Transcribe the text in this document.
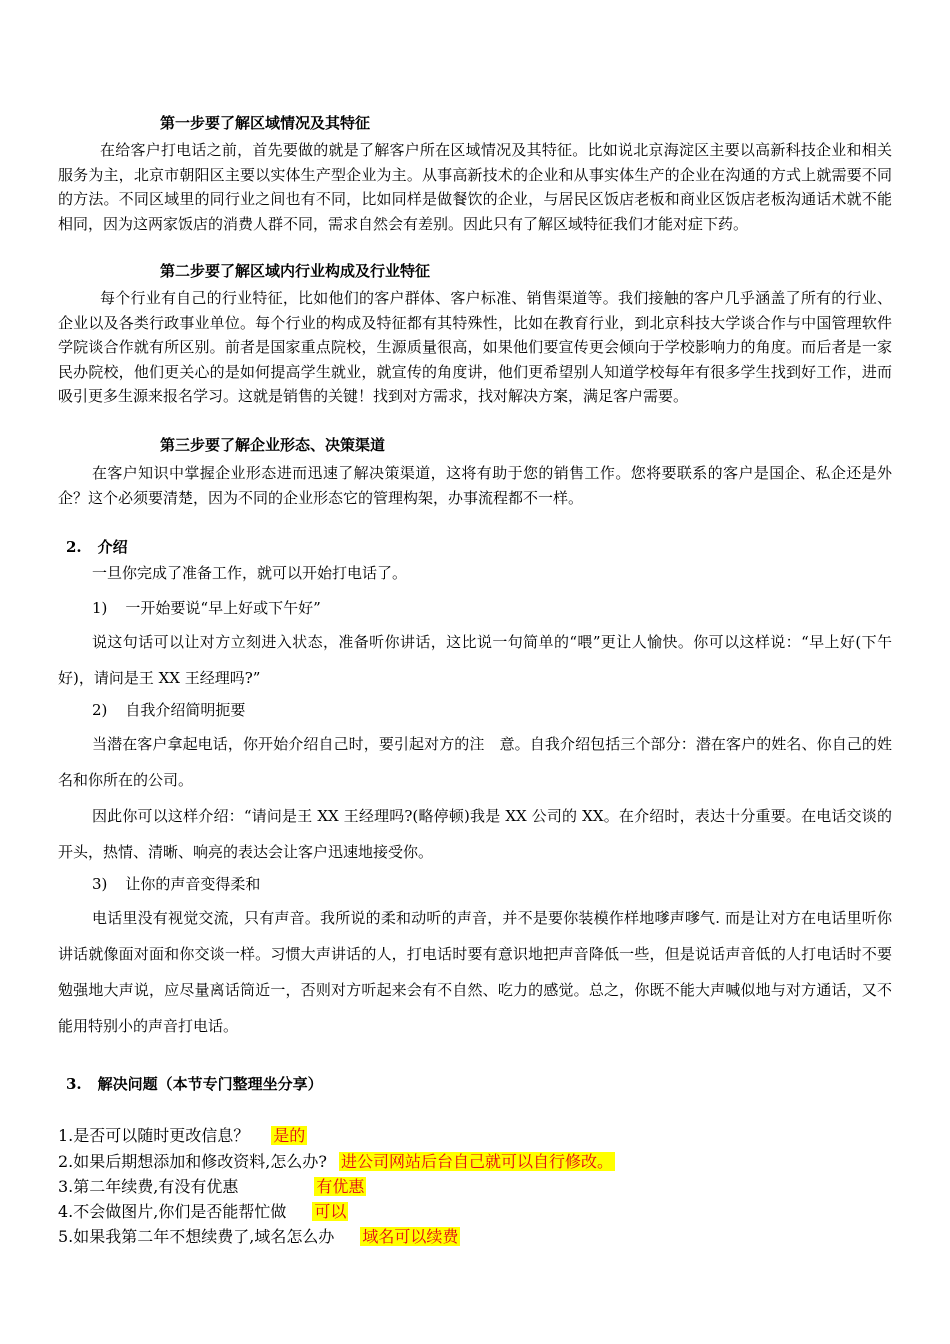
第一步要了解区域情况及其特征
在给客户打电话之前，首先要做的就是了解客户所在区域情况及其特征。比如说北京海淀区主要以高新科技企业和相关服务为主，北京市朝阳区主要以实体生产型企业为主。从事高新技术的企业和从事实体生产的企业在沟通的方式上就需要不同的方法。不同区域里的同行业之间也有不同，比如同样是做餐饮的企业，与居民区饭店老板和商业区饭店老板沟通话术就不能相同，因为这两家饭店的消费人群不同，需求自然会有差别。因此只有了解区域特征我们才能对症下药。
第二步要了解区域内行业构成及行业特征
每个行业有自己的行业特征，比如他们的客户群体、客户标准、销售渠道等。我们接触的客户几乎涵盖了所有的行业、企业以及各类行政事业单位。每个行业的构成及特征都有其特殊性，比如在教育行业，到北京科技大学谈合作与中国管理软件学院谈合作就有所区别。前者是国家重点院校，生源质量很高，如果他们要宣传更会倾向于学校影响力的角度。而后者是一家民办院校，他们更关心的是如何提高学生就业，就宣传的角度讲，他们更希望别人知道学校每年有很多学生找到好工作，进而吸引更多生源来报名学习。这就是销售的关键！找到对方需求，找对解决方案，满足客户需要。
第三步要了解企业形态、决策渠道
在客户知识中掌握企业形态进而迅速了解决策渠道，这将有助于您的销售工作。您将要联系的客户是国企、私企还是外企？这个必须要清楚，因为不同的企业形态它的管理构架，办事流程都不一样。
2. 介绍
一旦你完成了准备工作，就可以开始打电话了。
1) 一开始要说“早上好或下午好”
说这句话可以让对方立刻进入状态，准备听你讲话，这比说一句简单的“喂”更让人愉快。你可以这样说：“早上好(下午好)，请问是王 XX 王经理吗?”
2) 自我介绍简明扼要
当潜在客户拿起电话，你开始介绍自己时，要引起对方的注　意。自我介绍包括三个部分：潜在客户的姓名、你自己的姓名和你所在的公司。
因此你可以这样介绍：“请问是王 XX 王经理吗?(略停顿)我是 XX 公司的 XX。在介绍时，表达十分重要。在电话交谈的开头，热情、清晰、响亮的表达会让客户迅速地接受你。
3) 让你的声音变得柔和
电话里没有视觉交流，只有声音。我所说的柔和动听的声音，并不是要你装模作样地嗲声嗲气. 而是让对方在电话里听你讲话就像面对面和你交谈一样。习惯大声讲话的人，打电话时要有意识地把声音降低一些，但是说话声音低的人打电话时不要勉强地大声说，应尽量离话筒近一，否则对方听起来会有不自然、吃力的感觉。总之，你既不能大声喊似地与对方通话，又不能用特别小的声音打电话。
3. 解决问题（本节专门整理坐分享）
1.是否可以随时更改信息？ 是的
2.如果后期想添加和修改资料,怎么办? 进公司网站后台自己就可以自行修改。
3.第二年续费,有没有优惠	有优惠
4.不会做图片,你们是否能帮忙做 可以
5.如果我第二年不想续费了,域名怎么办 域名可以续费
